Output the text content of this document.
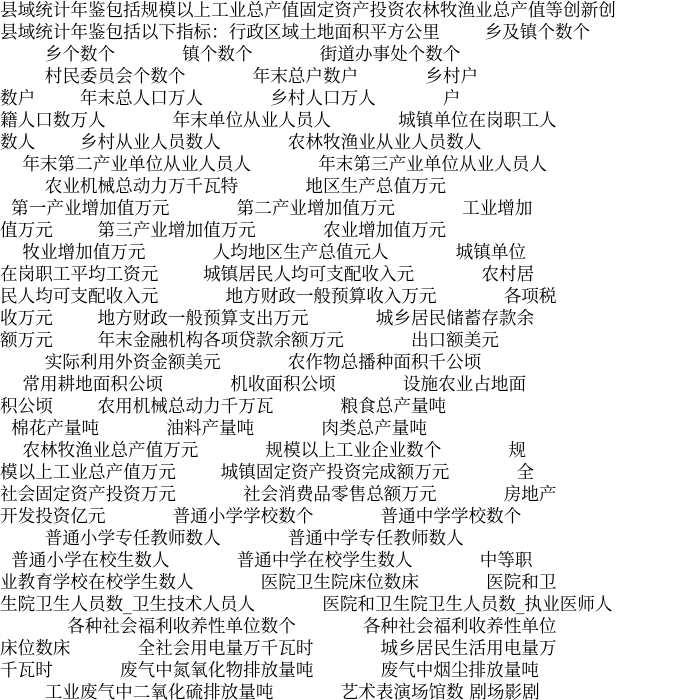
县域统计年鉴包括规模以上工业总产值固定资产投资农林牧渔业总产值等创新创
县域统计年鉴包括以下指标：行政区域土地面积平方公里        乡及镇个数个
乡个数个            镇个数个            街道办事处个数个
村民委员会个数个            年末总户数户            乡村户
数户        年末总人口万人            乡村人口万人            户
籍人口数万人            年末单位从业人员人            城镇单位在岗职工人
数人        乡村从业人员数人            农林牧渔业从业人员数人
年末第二产业单位从业人员人            年末第三产业单位从业人员人
农业机械总动力万千瓦特            地区生产总值万元
第一产业增加值万元            第二产业增加值万元            工业增加
值万元        第三产业增加值万元            农业增加值万元
牧业增加值万元            人均地区生产总值元人            城镇单位
在岗职工平均工资元        城镇居民人均可支配收入元            农村居
民人均可支配收入元            地方财政一般预算收入万元            各项税
收万元        地方财政一般预算支出万元            城乡居民储蓄存款余
额万元        年末金融机构各项贷款余额万元            出口额美元
实际利用外资金额美元            农作物总播种面积千公顷
常用耕地面积公顷            机收面积公顷            设施农业占地面
积公顷        农用机械总动力千万瓦            粮食总产量吨
棉花产量吨            油料产量吨            肉类总产量吨
农林牧渔业总产值万元            规模以上工业企业数个            规
模以上工业总产值万元        城镇固定资产投资完成额万元            全
社会固定资产投资万元            社会消费品零售总额万元            房地产
开发投资亿元            普通小学学校数个            普通中学学校数个
普通小学专任教师数人            普通中学专任教师数人
普通小学在校生数人            普通中学在校学生数人            中等职
业教育学校在校学生数人            医院卫生院床位数床            医院和卫
生院卫生人员数_卫生技术人员人            医院和卫生院卫生人员数_执业医师人
各种社会福利收养性单位数个            各种社会福利收养性单位
床位数床            全社会用电量万千瓦时            城乡居民生活用电量万
千瓦时            废气中氮氧化物排放量吨            废气中烟尘排放量吨
工业废气中二氧化硫排放量吨            艺术表演场馆数 剧场影剧
